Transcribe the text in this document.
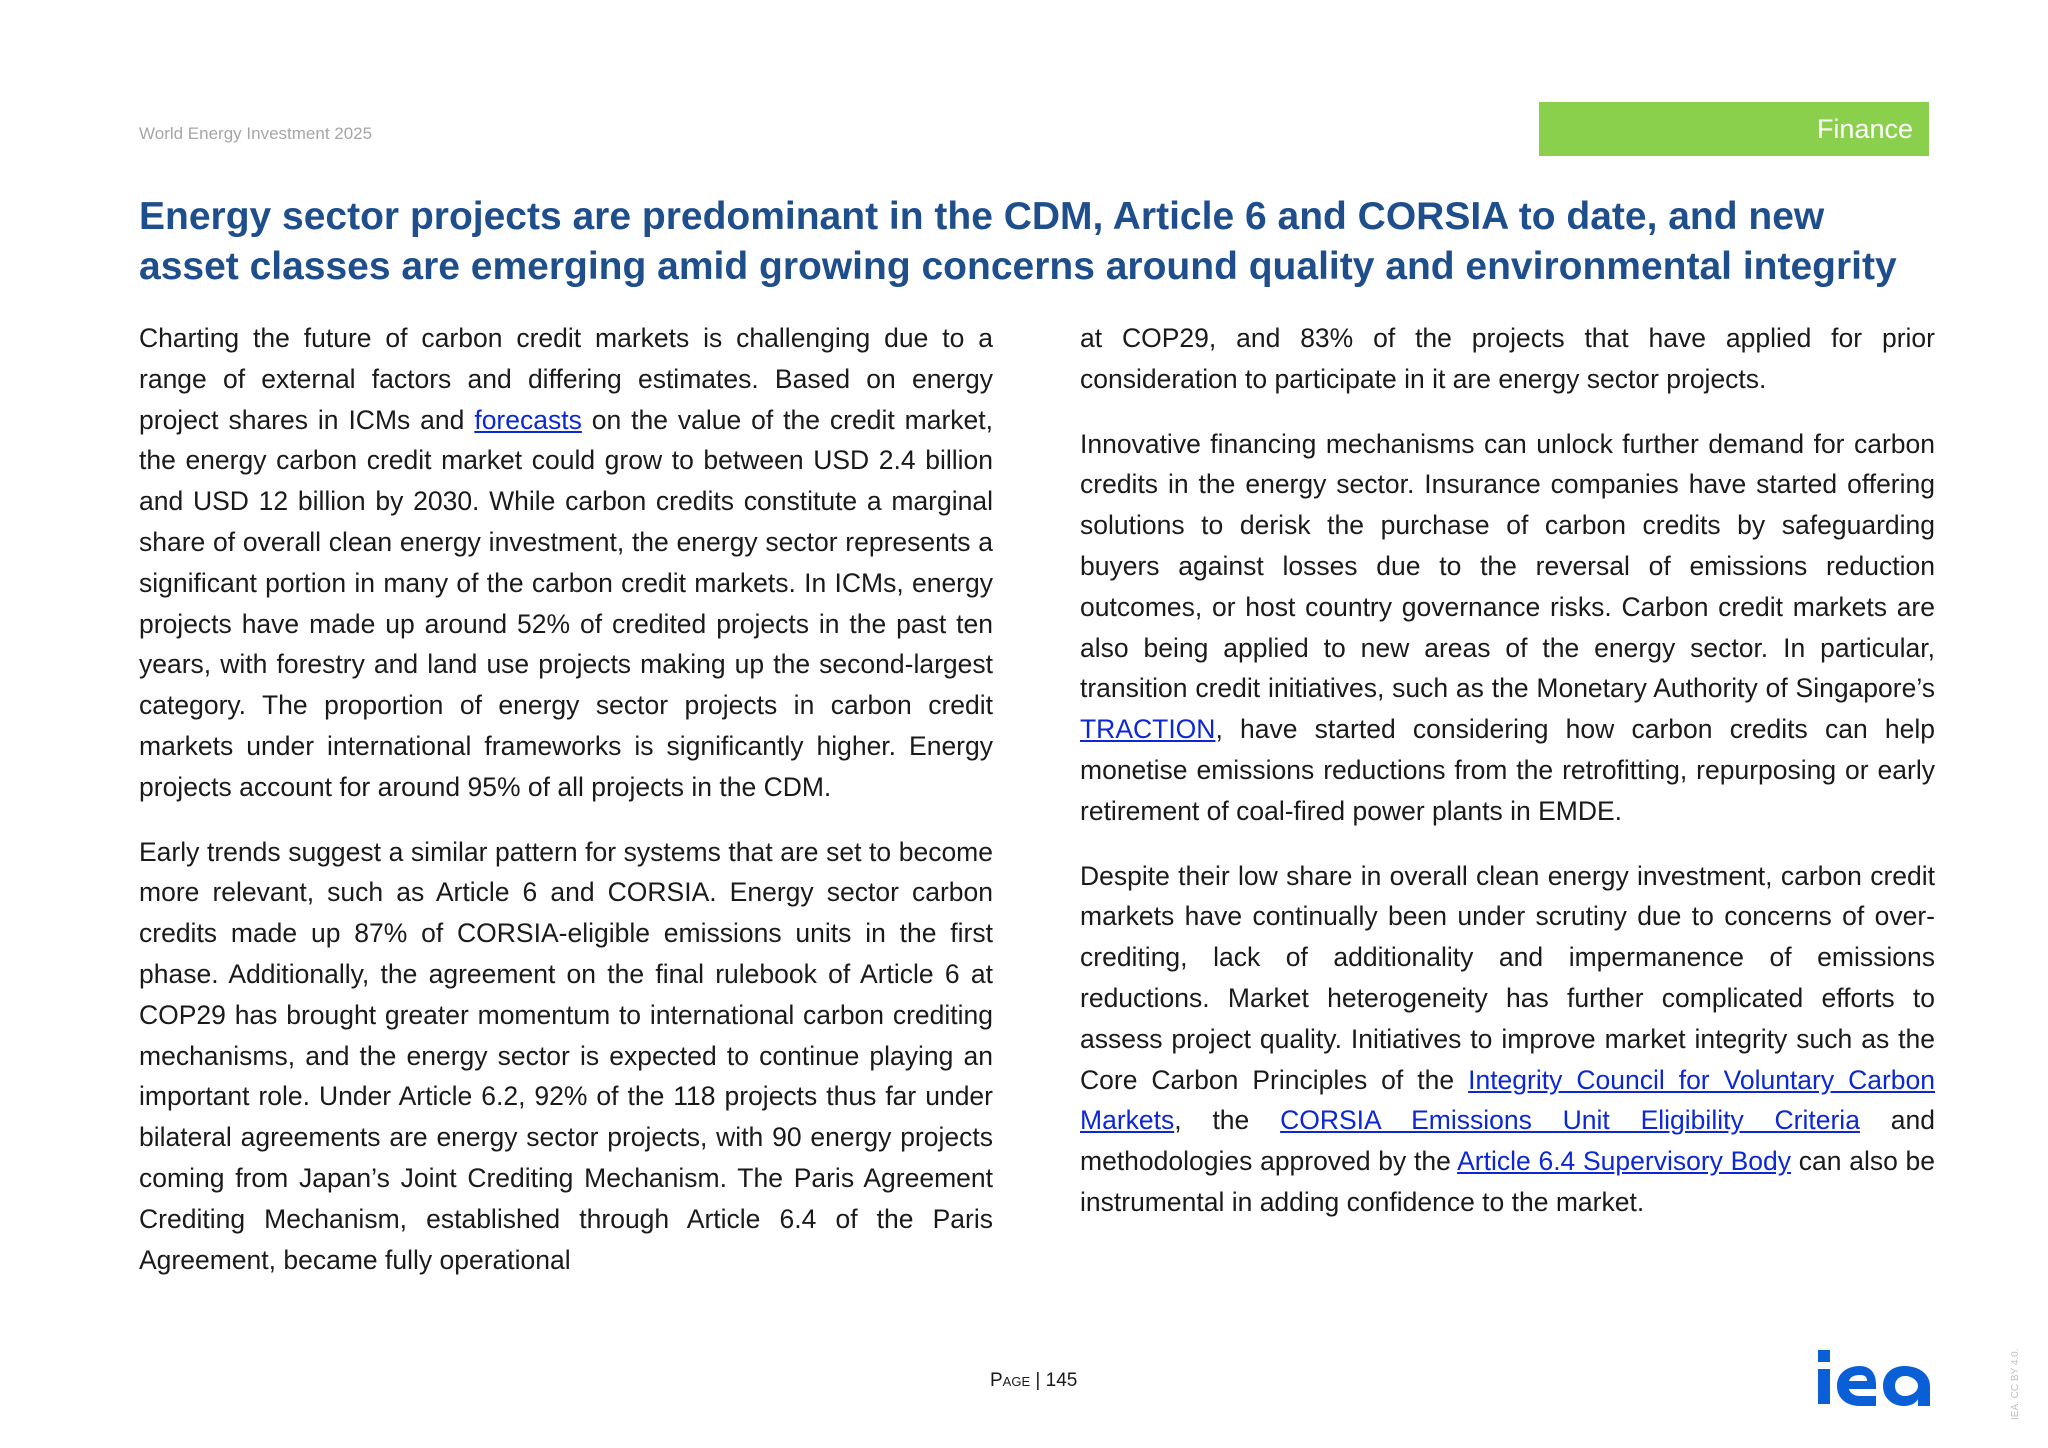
World Energy Investment 2025	Finance
Energy sector projects are predominant in the CDM, Article 6 and CORSIA to date, and new asset classes are emerging amid growing concerns around quality and environmental integrity

Charting the future of carbon credit markets is challenging due to a range of external factors and differing estimates. Based on energy project shares in ICMs and forecasts on the value of the credit market, the energy carbon credit market could grow to between USD 2.4 billion and USD 12 billion by 2030. While carbon credits constitute a marginal share of overall clean energy investment, the energy sector represents a significant portion in many of the carbon credit markets. In ICMs, energy projects have made up around 52% of credited projects in the past ten years, with forestry and land use projects making up the second-largest category. The proportion of energy sector projects in carbon credit markets under international frameworks is significantly higher. Energy projects account for around 95% of all projects in the CDM.

Early trends suggest a similar pattern for systems that are set to become more relevant, such as Article 6 and CORSIA. Energy sector carbon credits made up 87% of CORSIA-eligible emissions units in the first phase. Additionally, the agreement on the final rulebook of Article 6 at COP29 has brought greater momentum to international carbon crediting mechanisms, and the energy sector is expected to continue playing an important role. Under Article 6.2, 92% of the 118 projects thus far under bilateral agreements are energy sector projects, with 90 energy projects coming from Japan’s Joint Crediting Mechanism. The Paris Agreement Crediting Mechanism, established through Article 6.4 of the Paris Agreement, became fully operational

at COP29, and 83% of the projects that have applied for prior consideration to participate in it are energy sector projects.

Innovative financing mechanisms can unlock further demand for carbon credits in the energy sector. Insurance companies have started offering solutions to derisk the purchase of carbon credits by safeguarding buyers against losses due to the reversal of emissions reduction outcomes, or host country governance risks. Carbon credit markets are also being applied to new areas of the energy sector. In particular, transition credit initiatives, such as the Monetary Authority of Singapore’s TRACTION, have started considering how carbon credits can help monetise emissions reductions from the retrofitting, repurposing or early retirement of coal-fired power plants in EMDE.

Despite their low share in overall clean energy investment, carbon credit markets have continually been under scrutiny due to concerns of over-crediting, lack of additionality and impermanence of emissions reductions. Market heterogeneity has further complicated efforts to assess project quality. Initiatives to improve market integrity such as the Core Carbon Principles of the Integrity Council for Voluntary Carbon Markets, the CORSIA Emissions Unit Eligibility Criteria and methodologies approved by the Article 6.4 Supervisory Body can also be instrumental in adding confidence to the market.

Page | 145	IEA. CC BY 4.0.
